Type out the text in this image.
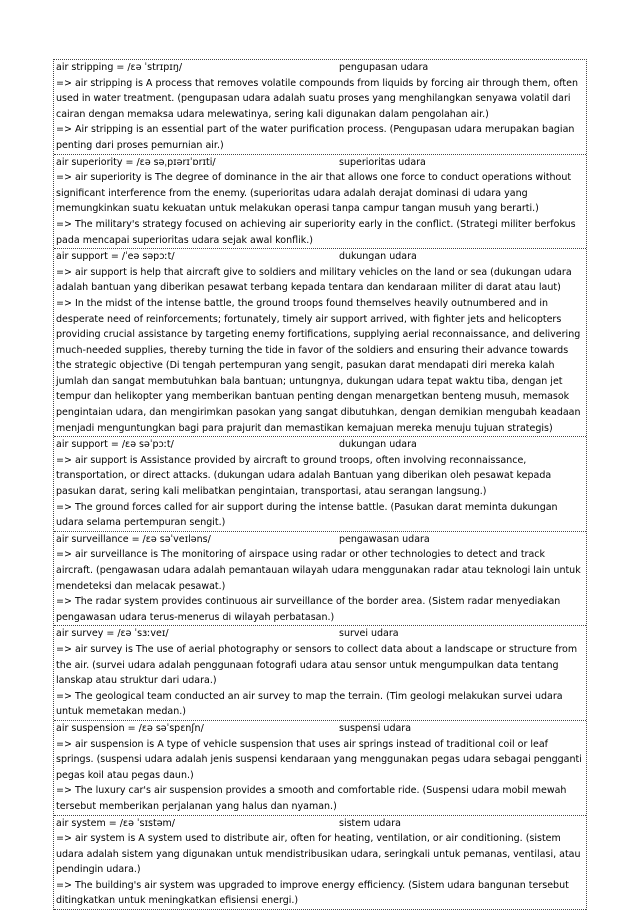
air stripping = /ɛə ˈstrɪpɪŋ/	pengupasan udara

=> air stripping is A process that removes volatile compounds from liquids by forcing air through them, often used in water treatment. (pengupasan udara adalah suatu proses yang menghilangkan senyawa volatil dari cairan dengan memaksa udara melewatinya, sering kali digunakan dalam pengolahan air.)

=> Air stripping is an essential part of the water purification process. (Pengupasan udara merupakan bagian penting dari proses pemurnian air.)

air superiority = /ɛə səˌpɪərɪˈɒrɪti/	superioritas udara

=> air superiority is The degree of dominance in the air that allows one force to conduct operations without significant interference from the enemy. (superioritas udara adalah derajat dominasi di udara yang memungkinkan suatu kekuatan untuk melakukan operasi tanpa campur tangan musuh yang berarti.)

=> The military's strategy focused on achieving air superiority early in the conflict. (Strategi militer berfokus pada mencapai superioritas udara sejak awal konflik.)

air support = /ˈeə səpɔːt/	dukungan udara

=> air support is help that aircraft give to soldiers and military vehicles on the land or sea (dukungan udara adalah bantuan yang diberikan pesawat terbang kepada tentara dan kendaraan militer di darat atau laut)

=> In the midst of the intense battle, the ground troops found themselves heavily outnumbered and in desperate need of reinforcements; fortunately, timely air support arrived, with fighter jets and helicopters providing crucial assistance by targeting enemy fortifications, supplying aerial reconnaissance, and delivering much-needed supplies, thereby turning the tide in favor of the soldiers and ensuring their advance towards the strategic objective (Di tengah pertempuran yang sengit, pasukan darat mendapati diri mereka kalah jumlah dan sangat membutuhkan bala bantuan; untungnya, dukungan udara tepat waktu tiba, dengan jet tempur dan helikopter yang memberikan bantuan penting dengan menargetkan benteng musuh, memasok pengintaian udara, dan mengirimkan pasokan yang sangat dibutuhkan, dengan demikian mengubah keadaan menjadi menguntungkan bagi para prajurit dan memastikan kemajuan mereka menuju tujuan strategis)

air support = /ɛə səˈpɔːt/	dukungan udara

=> air support is Assistance provided by aircraft to ground troops, often involving reconnaissance, transportation, or direct attacks. (dukungan udara adalah Bantuan yang diberikan oleh pesawat kepada pasukan darat, sering kali melibatkan pengintaian, transportasi, atau serangan langsung.)

=> The ground forces called for air support during the intense battle. (Pasukan darat meminta dukungan udara selama pertempuran sengit.)

air surveillance = /ɛə səˈveɪləns/	pengawasan udara

=> air surveillance is The monitoring of airspace using radar or other technologies to detect and track aircraft. (pengawasan udara adalah pemantauan wilayah udara menggunakan radar atau teknologi lain untuk mendeteksi dan melacak pesawat.)

=> The radar system provides continuous air surveillance of the border area. (Sistem radar menyediakan pengawasan udara terus-menerus di wilayah perbatasan.)

air survey = /ɛə ˈsɜːveɪ/	survei udara

=> air survey is The use of aerial photography or sensors to collect data about a landscape or structure from the air. (survei udara adalah penggunaan fotografi udara atau sensor untuk mengumpulkan data tentang lanskap atau struktur dari udara.)

=> The geological team conducted an air survey to map the terrain. (Tim geologi melakukan survei udara untuk memetakan medan.)

air suspension = /ɛə səˈspɛnʃn/	suspensi udara

=> air suspension is A type of vehicle suspension that uses air springs instead of traditional coil or leaf springs. (suspensi udara adalah jenis suspensi kendaraan yang menggunakan pegas udara sebagai pengganti pegas koil atau pegas daun.)

=> The luxury car's air suspension provides a smooth and comfortable ride. (Suspensi udara mobil mewah tersebut memberikan perjalanan yang halus dan nyaman.)

air system = /ɛə ˈsɪstəm/	sistem udara

=> air system is A system used to distribute air, often for heating, ventilation, or air conditioning. (sistem udara adalah sistem yang digunakan untuk mendistribusikan udara, seringkali untuk pemanas, ventilasi, atau pendingin udara.)

=> The building's air system was upgraded to improve energy efficiency. (Sistem udara bangunan tersebut ditingkatkan untuk meningkatkan efisiensi energi.)
